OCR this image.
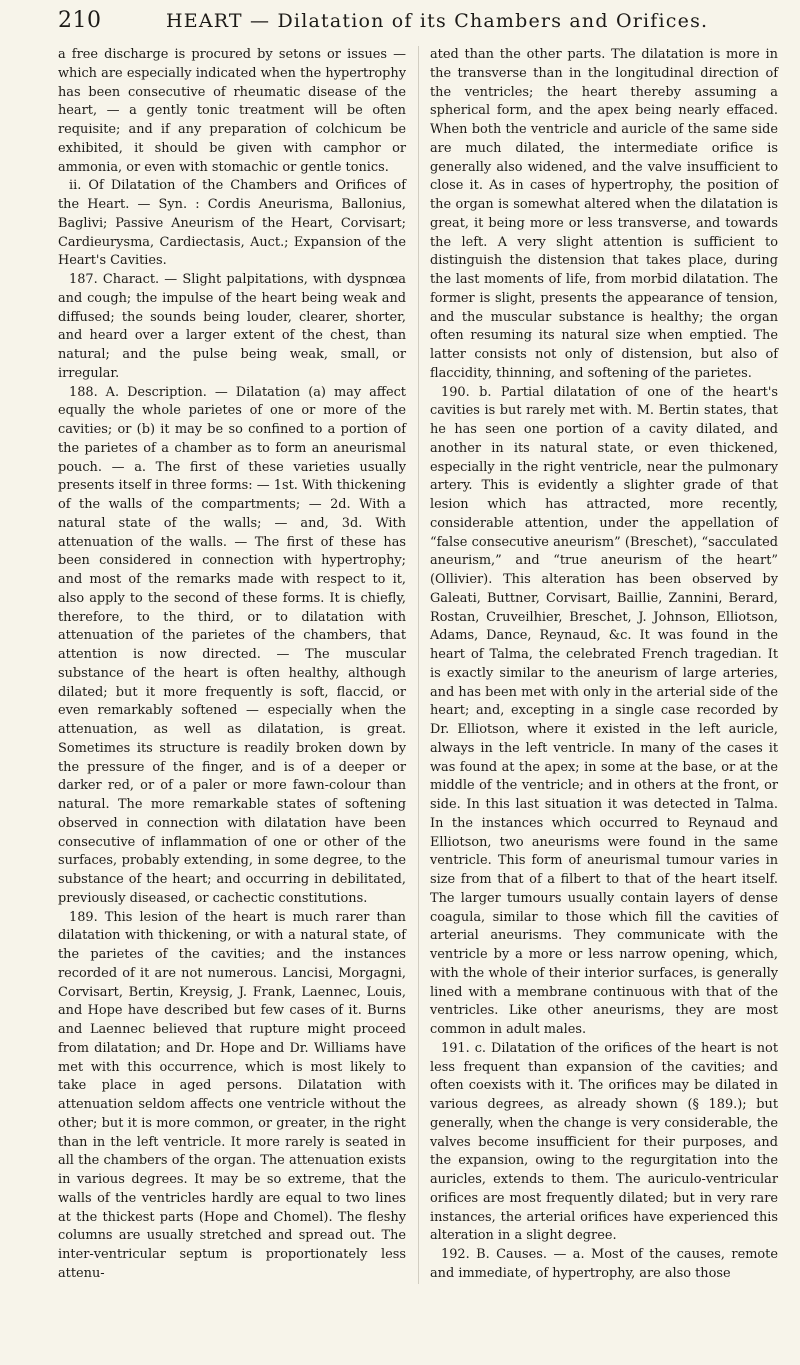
210	HEART — Dilatation of its Chambers and Orifices.

a free discharge is procured by setons or issues — which are especially indicated when the hypertrophy has been consecutive of rheumatic disease of the heart, — a gently tonic treatment will be often requisite; and if any preparation of colchicum be exhibited, it should be given with camphor or ammonia, or even with stomachic or gentle tonics.

ii. Of Dilatation of the Chambers and Orifices of the Heart. — Syn. : Cordis Aneurisma, Ballonius, Baglivi; Passive Aneurism of the Heart, Corvisart; Cardieurysma, Cardiectasis, Auct.; Expansion of the Heart's Cavities.

187. Charact. — Slight palpitations, with dyspnœa and cough; the impulse of the heart being weak and diffused; the sounds being louder, clearer, shorter, and heard over a larger extent of the chest, than natural; and the pulse being weak, small, or irregular.

188. A. Description. — Dilatation (a) may affect equally the whole parietes of one or more of the cavities; or (b) it may be so confined to a portion of the parietes of a chamber as to form an aneurismal pouch. — a. The first of these varieties usually presents itself in three forms: — 1st. With thickening of the walls of the compartments; — 2d. With a natural state of the walls; — and, 3d. With attenuation of the walls. — The first of these has been considered in connection with hypertrophy; and most of the remarks made with respect to it, also apply to the second of these forms. It is chiefly, therefore, to the third, or to dilatation with attenuation of the parietes of the chambers, that attention is now directed. — The muscular substance of the heart is often healthy, although dilated; but it more frequently is soft, flaccid, or even remarkably softened — especially when the attenuation, as well as dilatation, is great. Sometimes its structure is readily broken down by the pressure of the finger, and is of a deeper or darker red, or of a paler or more fawn-colour than natural. The more remarkable states of softening observed in connection with dilatation have been consecutive of inflammation of one or other of the surfaces, probably extending, in some degree, to the substance of the heart; and occurring in debilitated, previously diseased, or cachectic constitutions.

189. This lesion of the heart is much rarer than dilatation with thickening, or with a natural state, of the parietes of the cavities; and the instances recorded of it are not numerous. Lancisi, Morgagni, Corvisart, Bertin, Kreysig, J. Frank, Laennec, Louis, and Hope have described but few cases of it. Burns and Laennec believed that rupture might proceed from dilatation; and Dr. Hope and Dr. Williams have met with this occurrence, which is most likely to take place in aged persons. Dilatation with attenuation seldom affects one ventricle without the other; but it is more common, or greater, in the right than in the left ventricle. It more rarely is seated in all the chambers of the organ. The attenuation exists in various degrees. It may be so extreme, that the walls of the ventricles hardly are equal to two lines at the thickest parts (Hope and Chomel). The fleshy columns are usually stretched and spread out. The inter-ventricular septum is proportionately less attenu-

ated than the other parts. The dilatation is more in the transverse than in the longitudinal direction of the ventricles; the heart thereby assuming a spherical form, and the apex being nearly effaced. When both the ventricle and auricle of the same side are much dilated, the intermediate orifice is generally also widened, and the valve insufficient to close it. As in cases of hypertrophy, the position of the organ is somewhat altered when the dilatation is great, it being more or less transverse, and towards the left. A very slight attention is sufficient to distinguish the distension that takes place, during the last moments of life, from morbid dilatation. The former is slight, presents the appearance of tension, and the muscular substance is healthy; the organ often resuming its natural size when emptied. The latter consists not only of distension, but also of flaccidity, thinning, and softening of the parietes.

190. b. Partial dilatation of one of the heart's cavities is but rarely met with. M. Bertin states, that he has seen one portion of a cavity dilated, and another in its natural state, or even thickened, especially in the right ventricle, near the pulmonary artery. This is evidently a slighter grade of that lesion which has attracted, more recently, considerable attention, under the appellation of “false consecutive aneurism” (Breschet), “sacculated aneurism,” and “true aneurism of the heart” (Ollivier). This alteration has been observed by Galeati, Buttner, Corvisart, Baillie, Zannini, Berard, Rostan, Cruveilhier, Breschet, J. Johnson, Elliotson, Adams, Dance, Reynaud, &c. It was found in the heart of Talma, the celebrated French tragedian. It is exactly similar to the aneurism of large arteries, and has been met with only in the arterial side of the heart; and, excepting in a single case recorded by Dr. Elliotson, where it existed in the left auricle, always in the left ventricle. In many of the cases it was found at the apex; in some at the base, or at the middle of the ventricle; and in others at the front, or side. In this last situation it was detected in Talma. In the instances which occurred to Reynaud and Elliotson, two aneurisms were found in the same ventricle. This form of aneurismal tumour varies in size from that of a filbert to that of the heart itself. The larger tumours usually contain layers of dense coagula, similar to those which fill the cavities of arterial aneurisms. They communicate with the ventricle by a more or less narrow opening, which, with the whole of their interior surfaces, is generally lined with a membrane continuous with that of the ventricles. Like other aneurisms, they are most common in adult males.

191. c. Dilatation of the orifices of the heart is not less frequent than expansion of the cavities; and often coexists with it. The orifices may be dilated in various degrees, as already shown (§ 189.); but generally, when the change is very considerable, the valves become insufficient for their purposes, and the expansion, owing to the regurgitation into the auricles, extends to them. The auriculo-ventricular orifices are most frequently dilated; but in very rare instances, the arterial orifices have experienced this alteration in a slight degree.

192. B. Causes. — a. Most of the causes, remote and immediate, of hypertrophy, are also those
